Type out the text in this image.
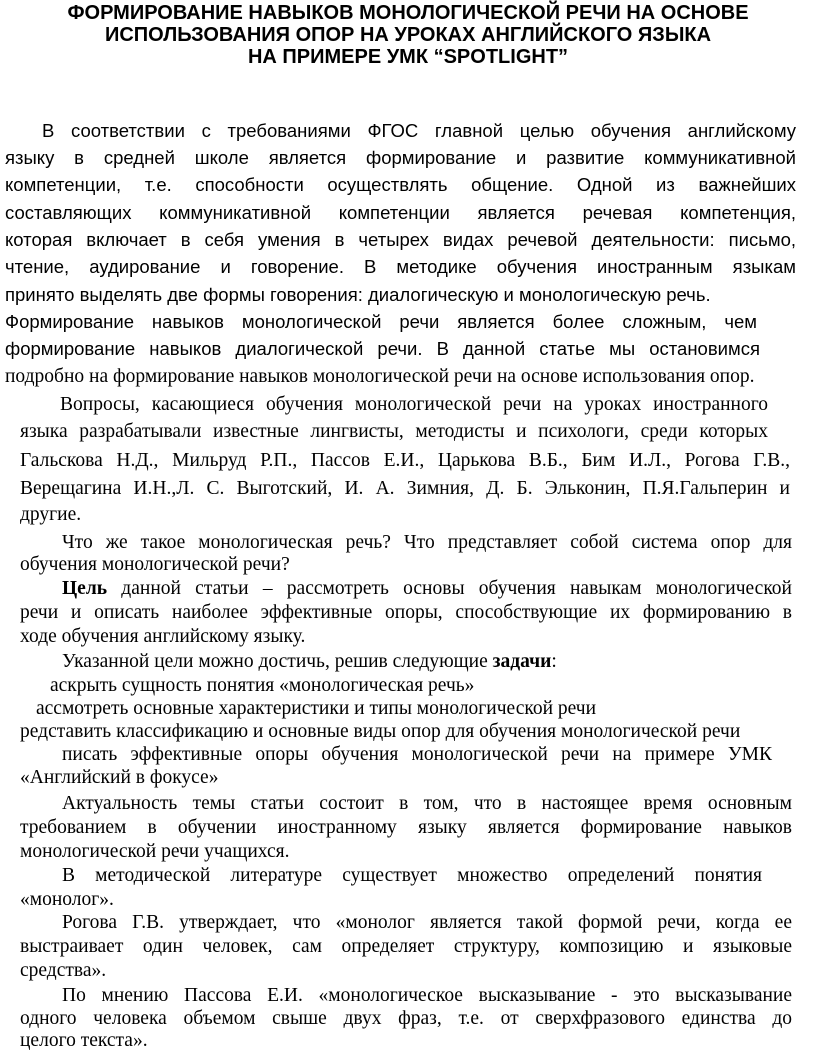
ФОРМИРОВАНИЕ НАВЫКОВ МОНОЛОГИЧЕСКОЙ РЕЧИ НА ОСНОВЕ
ИСПОЛЬЗОВАНИЯ ОПОР НА УРОКАХ АНГЛИЙСКОГО ЯЗЫКА
НА ПРИМЕРЕ УМК “SPOTLIGHT”
В соответствии с требованиями ФГОС главной целью обучения английскому
языку в средней школе является формирование и развитие коммуникативной
компетенции, т.е. способности осуществлять общение. Одной из важнейших
составляющих коммуникативной компетенции является речевая компетенция,
которая включает в себя умения в четырех видах речевой деятельности: письмо,
чтение, аудирование и говорение. В методике обучения иностранным языкам
принято выделять две формы говорения: диалогическую и монологическую речь.
Формирование навыков монологической речи является более сложным, чем
формирование навыков диалогической речи. В данной статье мы остановимся
подробно на формирование навыков монологической речи на основе использования опор.
Вопросы, касающиеся обучения монологической речи на уроках иностранного
языка разрабатывали известные лингвисты, методисты и психологи, среди которых
Гальскова Н.Д., Мильруд Р.П., Пассов Е.И., Царькова В.Б., Бим И.Л., Рогова Г.В.,
Верещагина И.Н.,Л. С. Выготский, И. А. Зимния, Д. Б. Эльконин, П.Я.Гальперин и
другие.
Что же такое монологическая речь? Что представляет собой система опор для
обучения монологической речи?
Цель данной статьи – рассмотреть основы обучения навыкам монологической
речи и описать наиболее эффективные опоры, способствующие их формированию в
ходе обучения английскому языку.
Указанной цели можно достичь, решив следующие задачи:
аскрыть сущность понятия «монологическая речь»
ассмотреть основные характеристики и типы монологической речи
редставить классификацию и основные виды опор для обучения монологической речи
писать эффективные опоры обучения монологической речи на примере УМК
«Английский в фокусе»
Актуальность темы статьи состоит в том, что в настоящее время основным
требованием в обучении иностранному языку является формирование навыков
монологической речи учащихся.
В методической литературе существует множество определений понятия
«монолог».
Рогова Г.В. утверждает, что «монолог является такой формой речи, когда ее
выстраивает один человек, сам определяет структуру, композицию и языковые
средства».
По мнению Пассова Е.И. «монологическое высказывание - это высказывание
одного человека объемом свыше двух фраз, т.е. от сверхфразового единства до
целого текста».
